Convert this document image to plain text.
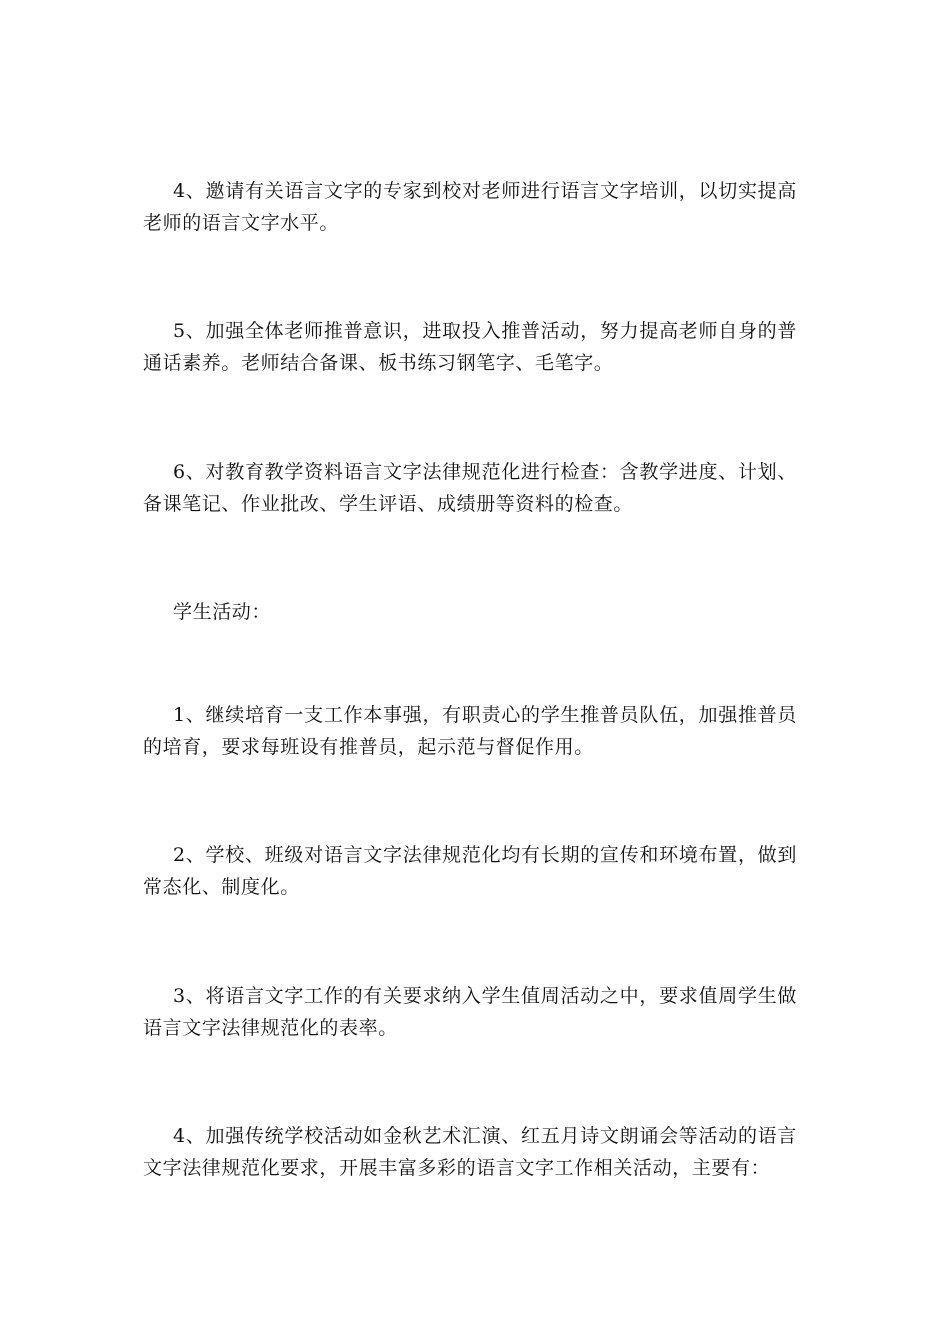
4、邀请有关语言文字的专家到校对老师进行语言文字培训，以切实提高老师的语言文字水平。

5、加强全体老师推普意识，进取投入推普活动，努力提高老师自身的普通话素养。老师结合备课、板书练习钢笔字、毛笔字。

6、对教育教学资料语言文字法律规范化进行检查：含教学进度、计划、备课笔记、作业批改、学生评语、成绩册等资料的检查。

学生活动：

1、继续培育一支工作本事强，有职责心的学生推普员队伍，加强推普员的培育，要求每班设有推普员，起示范与督促作用。

2、学校、班级对语言文字法律规范化均有长期的宣传和环境布置，做到常态化、制度化。

3、将语言文字工作的有关要求纳入学生值周活动之中，要求值周学生做语言文字法律规范化的表率。

4、加强传统学校活动如金秋艺术汇演、红五月诗文朗诵会等活动的语言文字法律规范化要求，开展丰富多彩的语言文字工作相关活动，主要有：
